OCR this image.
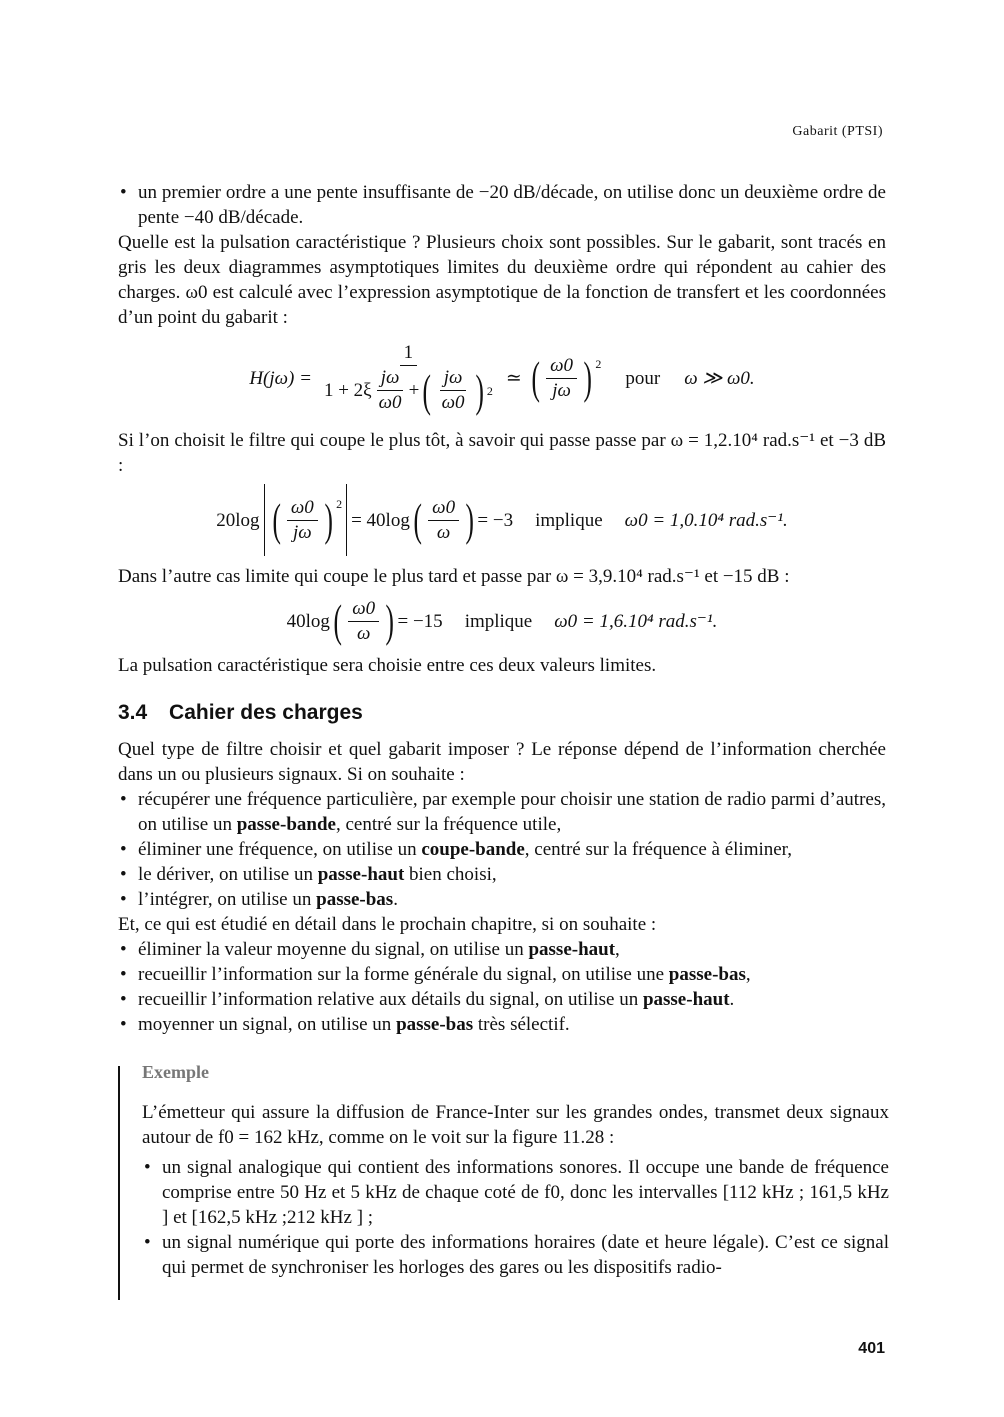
Gabarit (PTSI)
• un premier ordre a une pente insuffisante de −20 dB/décade, on utilise donc un deuxième ordre de pente −40 dB/décade.

Quelle est la pulsation caractéristique ? Plusieurs choix sont possibles. Sur le gabarit, sont tracés en gris les deux diagrammes asymptotiques limites du deuxième ordre qui répondent au cahier des charges. ω0 est calculé avec l’expression asymptotique de la fonction de transfert et les coordonnées d’un point du gabarit :

H(jω) =
1
$1 + 2\xi \frac{j\omega}{\omega 0}$ + ( $\frac{j\omega}{\omega 0}$ ) 2
≃ ( $\frac{\omega 0}{j\omega}$ ) $^2$
pour ω ≫ ω0.

Si l’on choisit le filtre qui coupe le plus tôt, à savoir qui passe passe par ω = 1,2.10⁴ rad.s⁻¹ et −3 dB :

20log ( $\frac{\omega 0}{j\omega}$ ) $^2$
= 40log ( $\frac{\omega 0}{\omega}$ ) = −3 implique ω0 = 1,0.10⁴ rad.s⁻¹.

Dans l’autre cas limite qui coupe le plus tard et passe par ω = 3,9.10⁴ rad.s⁻¹ et −15 dB :

40log ( $\frac{\omega 0}{\omega}$ ) = −15 implique ω0 = 1,6.10⁴ rad.s⁻¹.

La pulsation caractéristique sera choisie entre ces deux valeurs limites.

3.4 Cahier des charges

Quel type de filtre choisir et quel gabarit imposer ? Le réponse dépend de l’information cherchée dans un ou plusieurs signaux. Si on souhaite :

• récupérer une fréquence particulière, par exemple pour choisir une station de radio parmi d’autres, on utilise un passe-bande, centré sur la fréquence utile,
• éliminer une fréquence, on utilise un coupe-bande, centré sur la fréquence à éliminer,
• le dériver, on utilise un passe-haut bien choisi,
• l’intégrer, on utilise un passe-bas.

Et, ce qui est étudié en détail dans le prochain chapitre, si on souhaite :

• éliminer la valeur moyenne du signal, on utilise un passe-haut,
• recueillir l’information sur la forme générale du signal, on utilise une passe-bas,
• recueillir l’information relative aux détails du signal, on utilise un passe-haut.
• moyenner un signal, on utilise un passe-bas très sélectif.
Exemple

L’émetteur qui assure la diffusion de France-Inter sur les grandes ondes, transmet deux signaux autour de f0 = 162 kHz, comme on le voit sur la figure 11.28 :

• un signal analogique qui contient des informations sonores. Il occupe une bande de fréquence comprise entre 50 Hz et 5 kHz de chaque coté de f0, donc les intervalles [112 kHz ; 161,5 kHz ] et [162,5 kHz ;212 kHz ] ;
• un signal numérique qui porte des informations horaires (date et heure légale). C’est ce signal qui permet de synchroniser les horloges des gares ou les dispositifs radio-
401
